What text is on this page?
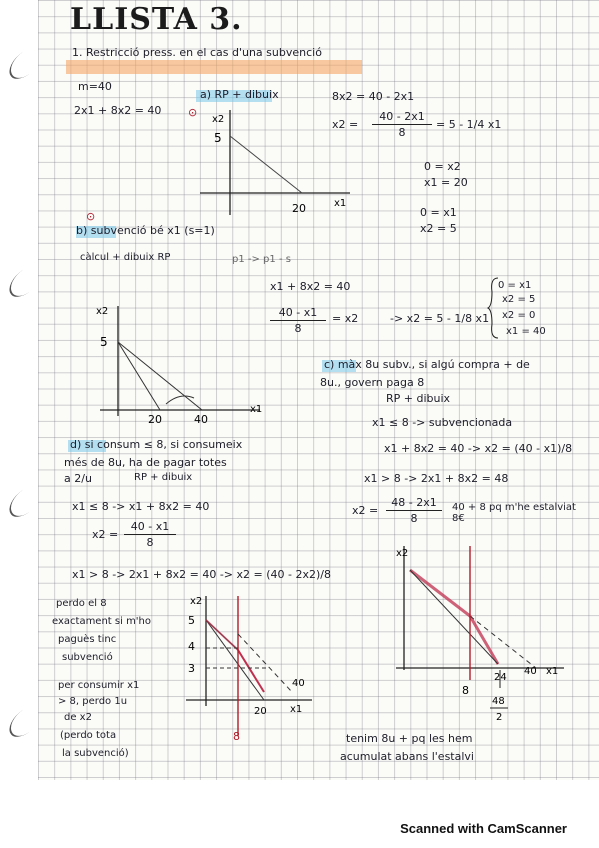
LLISTA 3.
1. Restricció press. en el cas d'una subvenció
m=40
2x1 + 8x2 = 40
a) RP + dibuix	8x2 = 40 - 2x1
x2 =
40 - 2x1
8
= 5 - 1/4 x1
0 = x2
x1 = 20
0 = x1
x2 = 5
⊙
x2
5
20	x1
⊙
b) subvenció bé x1 (s=1)
càlcul + dibuix RP	p1 -> p1 - s
x1 + 8x2 = 40
40 - x1
8
= x2	-> x2 = 5 - 1/8 x1
0 = x1
x2 = 5
x2 = 0
x1 = 40
x2
5
20	40
x1
c) màx 8u subv., si algú compra + de
8u., govern paga 8
RP + dibuix
x1 ≤ 8 -> subvencionada
x1 + 8x2 = 40 -> x2 = (40 - x1)/8
x1 > 8 -> 2x1 + 8x2 = 48
x2 =
48 - 2x1
8
40 + 8 pq m'he estalviat 8€
d) si consum ≤ 8, si consumeix
més de 8u, ha de pagar totes
a 2/u	RP + dibuix
x1 ≤ 8 -> x1 + 8x2 = 40
x2 =
40 - x1
8
x1 > 8 -> 2x1 + 8x2 = 40 -> x2 = (40 - 2x2)/8
perdo el 8
exactament si m'ho
paguès tinc
subvenció
per consumir x1
> 8, perdo 1u
de x2
(perdo tota
la subvenció)
x2
5
4
3
20
40
x1
8
x2
24
40 x1
8
48
2
tenim 8u + pq les hem
acumulat abans l'estalvi
Scanned with CamScanner
